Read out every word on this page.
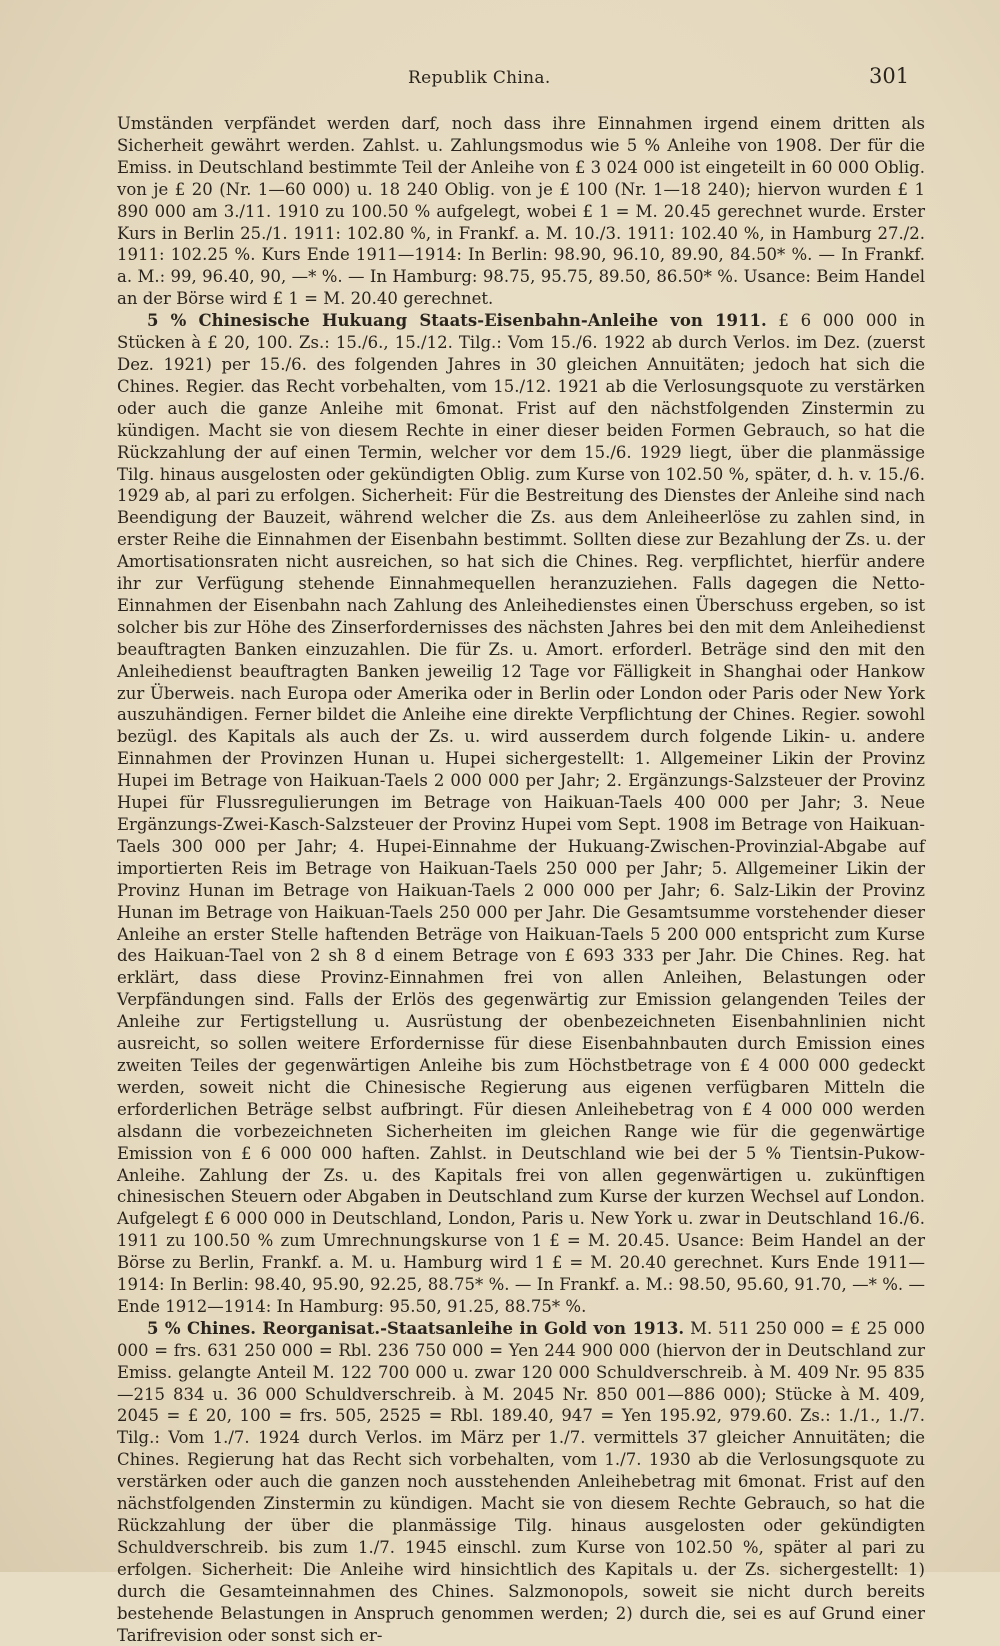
Republik China.	301

Umständen verpfändet werden darf, noch dass ihre Einnahmen irgend einem dritten als Sicherheit gewährt werden. Zahlst. u. Zahlungsmodus wie 5 % Anleihe von 1908. Der für die Emiss. in Deutschland bestimmte Teil der Anleihe von £ 3 024 000 ist eingeteilt in 60 000 Oblig. von je £ 20 (Nr. 1—60 000) u. 18 240 Oblig. von je £ 100 (Nr. 1—18 240); hiervon wurden £ 1 890 000 am 3./11. 1910 zu 100.50 % aufgelegt, wobei £ 1 = M. 20.45 gerechnet wurde. Erster Kurs in Berlin 25./1. 1911: 102.80 %, in Frankf. a. M. 10./3. 1911: 102.40 %, in Hamburg 27./2. 1911: 102.25 %. Kurs Ende 1911—1914: In Berlin: 98.90, 96.10, 89.90, 84.50* %. — In Frankf. a. M.: 99, 96.40, 90, —* %. — In Hamburg: 98.75, 95.75, 89.50, 86.50* %. Usance: Beim Handel an der Börse wird £ 1 = M. 20.40 gerechnet.

5 % Chinesische Hukuang Staats-Eisenbahn-Anleihe von 1911. £ 6 000 000 in Stücken à £ 20, 100. Zs.: 15./6., 15./12. Tilg.: Vom 15./6. 1922 ab durch Verlos. im Dez. (zuerst Dez. 1921) per 15./6. des folgenden Jahres in 30 gleichen Annuitäten; jedoch hat sich die Chines. Regier. das Recht vorbehalten, vom 15./12. 1921 ab die Verlosungsquote zu verstärken oder auch die ganze Anleihe mit 6monat. Frist auf den nächstfolgenden Zinstermin zu kündigen. Macht sie von diesem Rechte in einer dieser beiden Formen Gebrauch, so hat die Rückzahlung der auf einen Termin, welcher vor dem 15./6. 1929 liegt, über die planmässige Tilg. hinaus ausgelosten oder gekündigten Oblig. zum Kurse von 102.50 %, später, d. h. v. 15./6. 1929 ab, al pari zu erfolgen. Sicherheit: Für die Bestreitung des Dienstes der Anleihe sind nach Beendigung der Bauzeit, während welcher die Zs. aus dem Anleiheerlöse zu zahlen sind, in erster Reihe die Einnahmen der Eisenbahn bestimmt. Sollten diese zur Bezahlung der Zs. u. der Amortisationsraten nicht ausreichen, so hat sich die Chines. Reg. verpflichtet, hierfür andere ihr zur Verfügung stehende Einnahmequellen heranzuziehen. Falls dagegen die Netto-Einnahmen der Eisenbahn nach Zahlung des Anleihedienstes einen Überschuss ergeben, so ist solcher bis zur Höhe des Zinserfordernisses des nächsten Jahres bei den mit dem Anleihedienst beauftragten Banken einzuzahlen. Die für Zs. u. Amort. erforderl. Beträge sind den mit den Anleihedienst beauftragten Banken jeweilig 12 Tage vor Fälligkeit in Shanghai oder Hankow zur Überweis. nach Europa oder Amerika oder in Berlin oder London oder Paris oder New York auszuhändigen. Ferner bildet die Anleihe eine direkte Verpflichtung der Chines. Regier. sowohl bezügl. des Kapitals als auch der Zs. u. wird ausserdem durch folgende Likin- u. andere Einnahmen der Provinzen Hunan u. Hupei sichergestellt: 1. Allgemeiner Likin der Provinz Hupei im Betrage von Haikuan-Taels 2 000 000 per Jahr; 2. Ergänzungs-Salzsteuer der Provinz Hupei für Flussregulierungen im Betrage von Haikuan-Taels 400 000 per Jahr; 3. Neue Ergänzungs-Zwei-Kasch-Salzsteuer der Provinz Hupei vom Sept. 1908 im Betrage von Haikuan-Taels 300 000 per Jahr; 4. Hupei-Einnahme der Hukuang-Zwischen-Provinzial-Abgabe auf importierten Reis im Betrage von Haikuan-Taels 250 000 per Jahr; 5. Allgemeiner Likin der Provinz Hunan im Betrage von Haikuan-Taels 2 000 000 per Jahr; 6. Salz-Likin der Provinz Hunan im Betrage von Haikuan-Taels 250 000 per Jahr. Die Gesamtsumme vorstehender dieser Anleihe an erster Stelle haftenden Beträge von Haikuan-Taels 5 200 000 entspricht zum Kurse des Haikuan-Tael von 2 sh 8 d einem Betrage von £ 693 333 per Jahr. Die Chines. Reg. hat erklärt, dass diese Provinz-Einnahmen frei von allen Anleihen, Belastungen oder Verpfändungen sind. Falls der Erlös des gegenwärtig zur Emission gelangenden Teiles der Anleihe zur Fertigstellung u. Ausrüstung der obenbezeichneten Eisenbahnlinien nicht ausreicht, so sollen weitere Erfordernisse für diese Eisenbahnbauten durch Emission eines zweiten Teiles der gegenwärtigen Anleihe bis zum Höchstbetrage von £ 4 000 000 gedeckt werden, soweit nicht die Chinesische Regierung aus eigenen verfügbaren Mitteln die erforderlichen Beträge selbst aufbringt. Für diesen Anleihebetrag von £ 4 000 000 werden alsdann die vorbezeichneten Sicherheiten im gleichen Range wie für die gegenwärtige Emission von £ 6 000 000 haften. Zahlst. in Deutschland wie bei der 5 % Tientsin-Pukow-Anleihe. Zahlung der Zs. u. des Kapitals frei von allen gegenwärtigen u. zukünftigen chinesischen Steuern oder Abgaben in Deutschland zum Kurse der kurzen Wechsel auf London. Aufgelegt £ 6 000 000 in Deutschland, London, Paris u. New York u. zwar in Deutschland 16./6. 1911 zu 100.50 % zum Umrechnungskurse von 1 £ = M. 20.45. Usance: Beim Handel an der Börse zu Berlin, Frankf. a. M. u. Hamburg wird 1 £ = M. 20.40 gerechnet. Kurs Ende 1911—1914: In Berlin: 98.40, 95.90, 92.25, 88.75* %. — In Frankf. a. M.: 98.50, 95.60, 91.70, —* %. — Ende 1912—1914: In Hamburg: 95.50, 91.25, 88.75* %.

5 % Chines. Reorganisat.-Staatsanleihe in Gold von 1913. M. 511 250 000 = £ 25 000 000 = frs. 631 250 000 = Rbl. 236 750 000 = Yen 244 900 000 (hiervon der in Deutschland zur Emiss. gelangte Anteil M. 122 700 000 u. zwar 120 000 Schuldverschreib. à M. 409 Nr. 95 835—215 834 u. 36 000 Schuldverschreib. à M. 2045 Nr. 850 001—886 000); Stücke à M. 409, 2045 = £ 20, 100 = frs. 505, 2525 = Rbl. 189.40, 947 = Yen 195.92, 979.60. Zs.: 1./1., 1./7. Tilg.: Vom 1./7. 1924 durch Verlos. im März per 1./7. vermittels 37 gleicher Annuitäten; die Chines. Regierung hat das Recht sich vorbehalten, vom 1./7. 1930 ab die Verlosungsquote zu verstärken oder auch die ganzen noch ausstehenden Anleihebetrag mit 6monat. Frist auf den nächstfolgenden Zinstermin zu kündigen. Macht sie von diesem Rechte Gebrauch, so hat die Rückzahlung der über die planmässige Tilg. hinaus ausgelosten oder gekündigten Schuldverschreib. bis zum 1./7. 1945 einschl. zum Kurse von 102.50 %, später al pari zu erfolgen. Sicherheit: Die Anleihe wird hinsichtlich des Kapitals u. der Zs. sichergestellt: 1) durch die Gesamteinnahmen des Chines. Salzmonopols, soweit sie nicht durch bereits bestehende Belastungen in Anspruch genommen werden; 2) durch die, sei es auf Grund einer Tarifrevision oder sonst sich er-
